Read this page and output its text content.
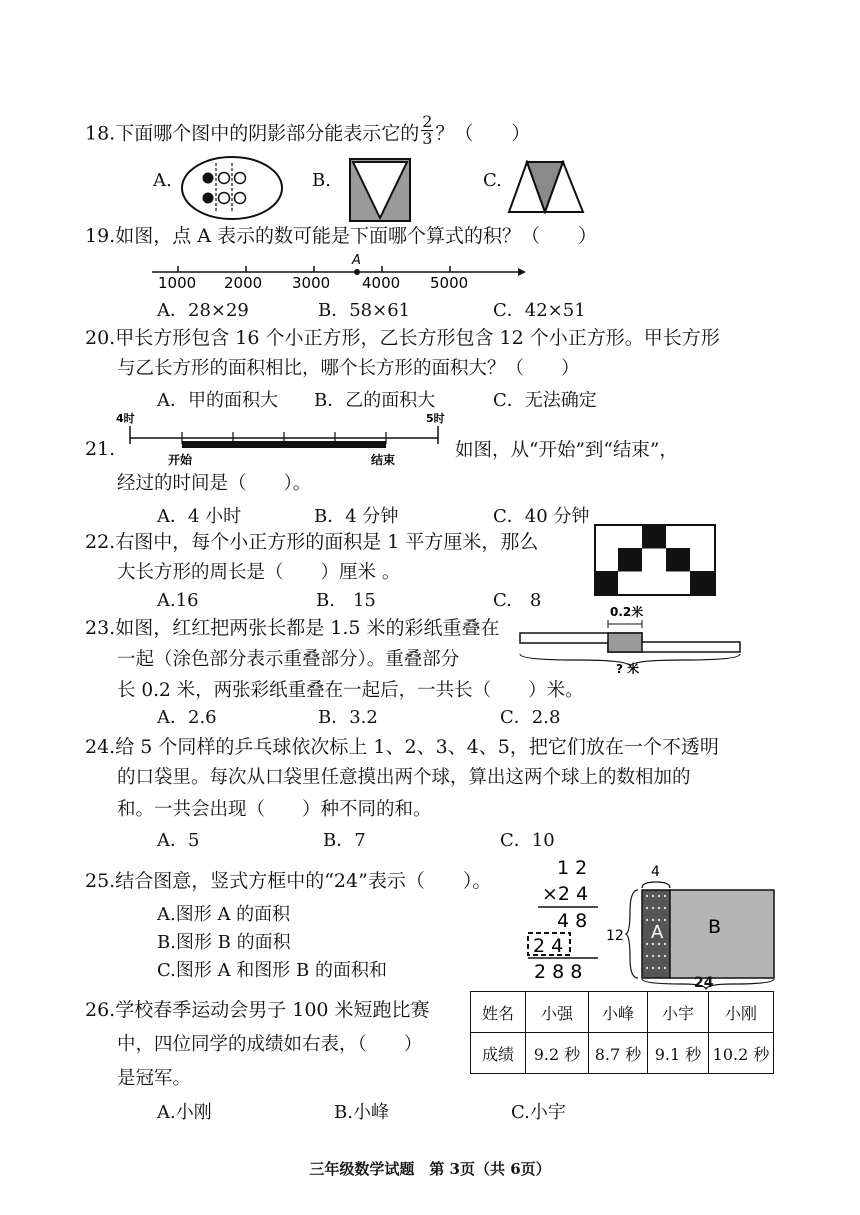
18.下面哪个图中的阴影部分能表示它的 $\frac{2}{3}$ ？（　　）
A.	B.	C.
19.如图，点 A 表示的数可能是下面哪个算式的积？（　　）
A
1000 2000 3000 4000 5000
A．28×29	B．58×61	C．42×51
20.甲长方形包含 16 个小正方形，乙长方形包含 12 个小正方形。甲长方形
与乙长方形的面积相比，哪个长方形的面积大？（　　）
A．甲的面积大 B．乙的面积大	C．无法确定
21.
4时	5时
开始	结束	如图，从“开始”到“结束”，
经过的时间是（　　）。
A．4 小时	B．4 分钟	C．40 分钟
22.右图中，每个小正方形的面积是 1 平方厘米，那么
大长方形的周长是（　　）厘米 。
A.16	B.　15	C.　8
23.如图，红红把两张长都是 1.5 米的彩纸重叠在
一起（涂色部分表示重叠部分）。重叠部分
长 0.2 米，两张彩纸重叠在一起后，一共长（　　）米。
0.2米
? 米
A．2.6	B．3.2	C．2.8
24.给 5 个同样的乒乓球依次标上 1、2、3、4、5，把它们放在一个不透明
的口袋里。每次从口袋里任意摸出两个球，算出这两个球上的数相加的
和。一共会出现（　　）种不同的和。
A．5	B．7	C．10
25.结合图意，竖式方框中的“24”表示（　　）。
A.图形 A 的面积
B.图形 B 的面积
C.图形 A 和图形 B 的面积和
1 2
×2 4
4 8
2 4
2 8 8
4
12 A B
24
26.学校春季运动会男子 100 米短跑比赛
中，四位同学的成绩如右表，（　　）
是冠军。
姓名	小强	小峰	小宇	小刚
成绩	9.2 秒	8.7 秒	9.1 秒	10.2 秒
A.小刚	B.小峰	C.小宇
三年级数学试题　第 3页（共 6页）
